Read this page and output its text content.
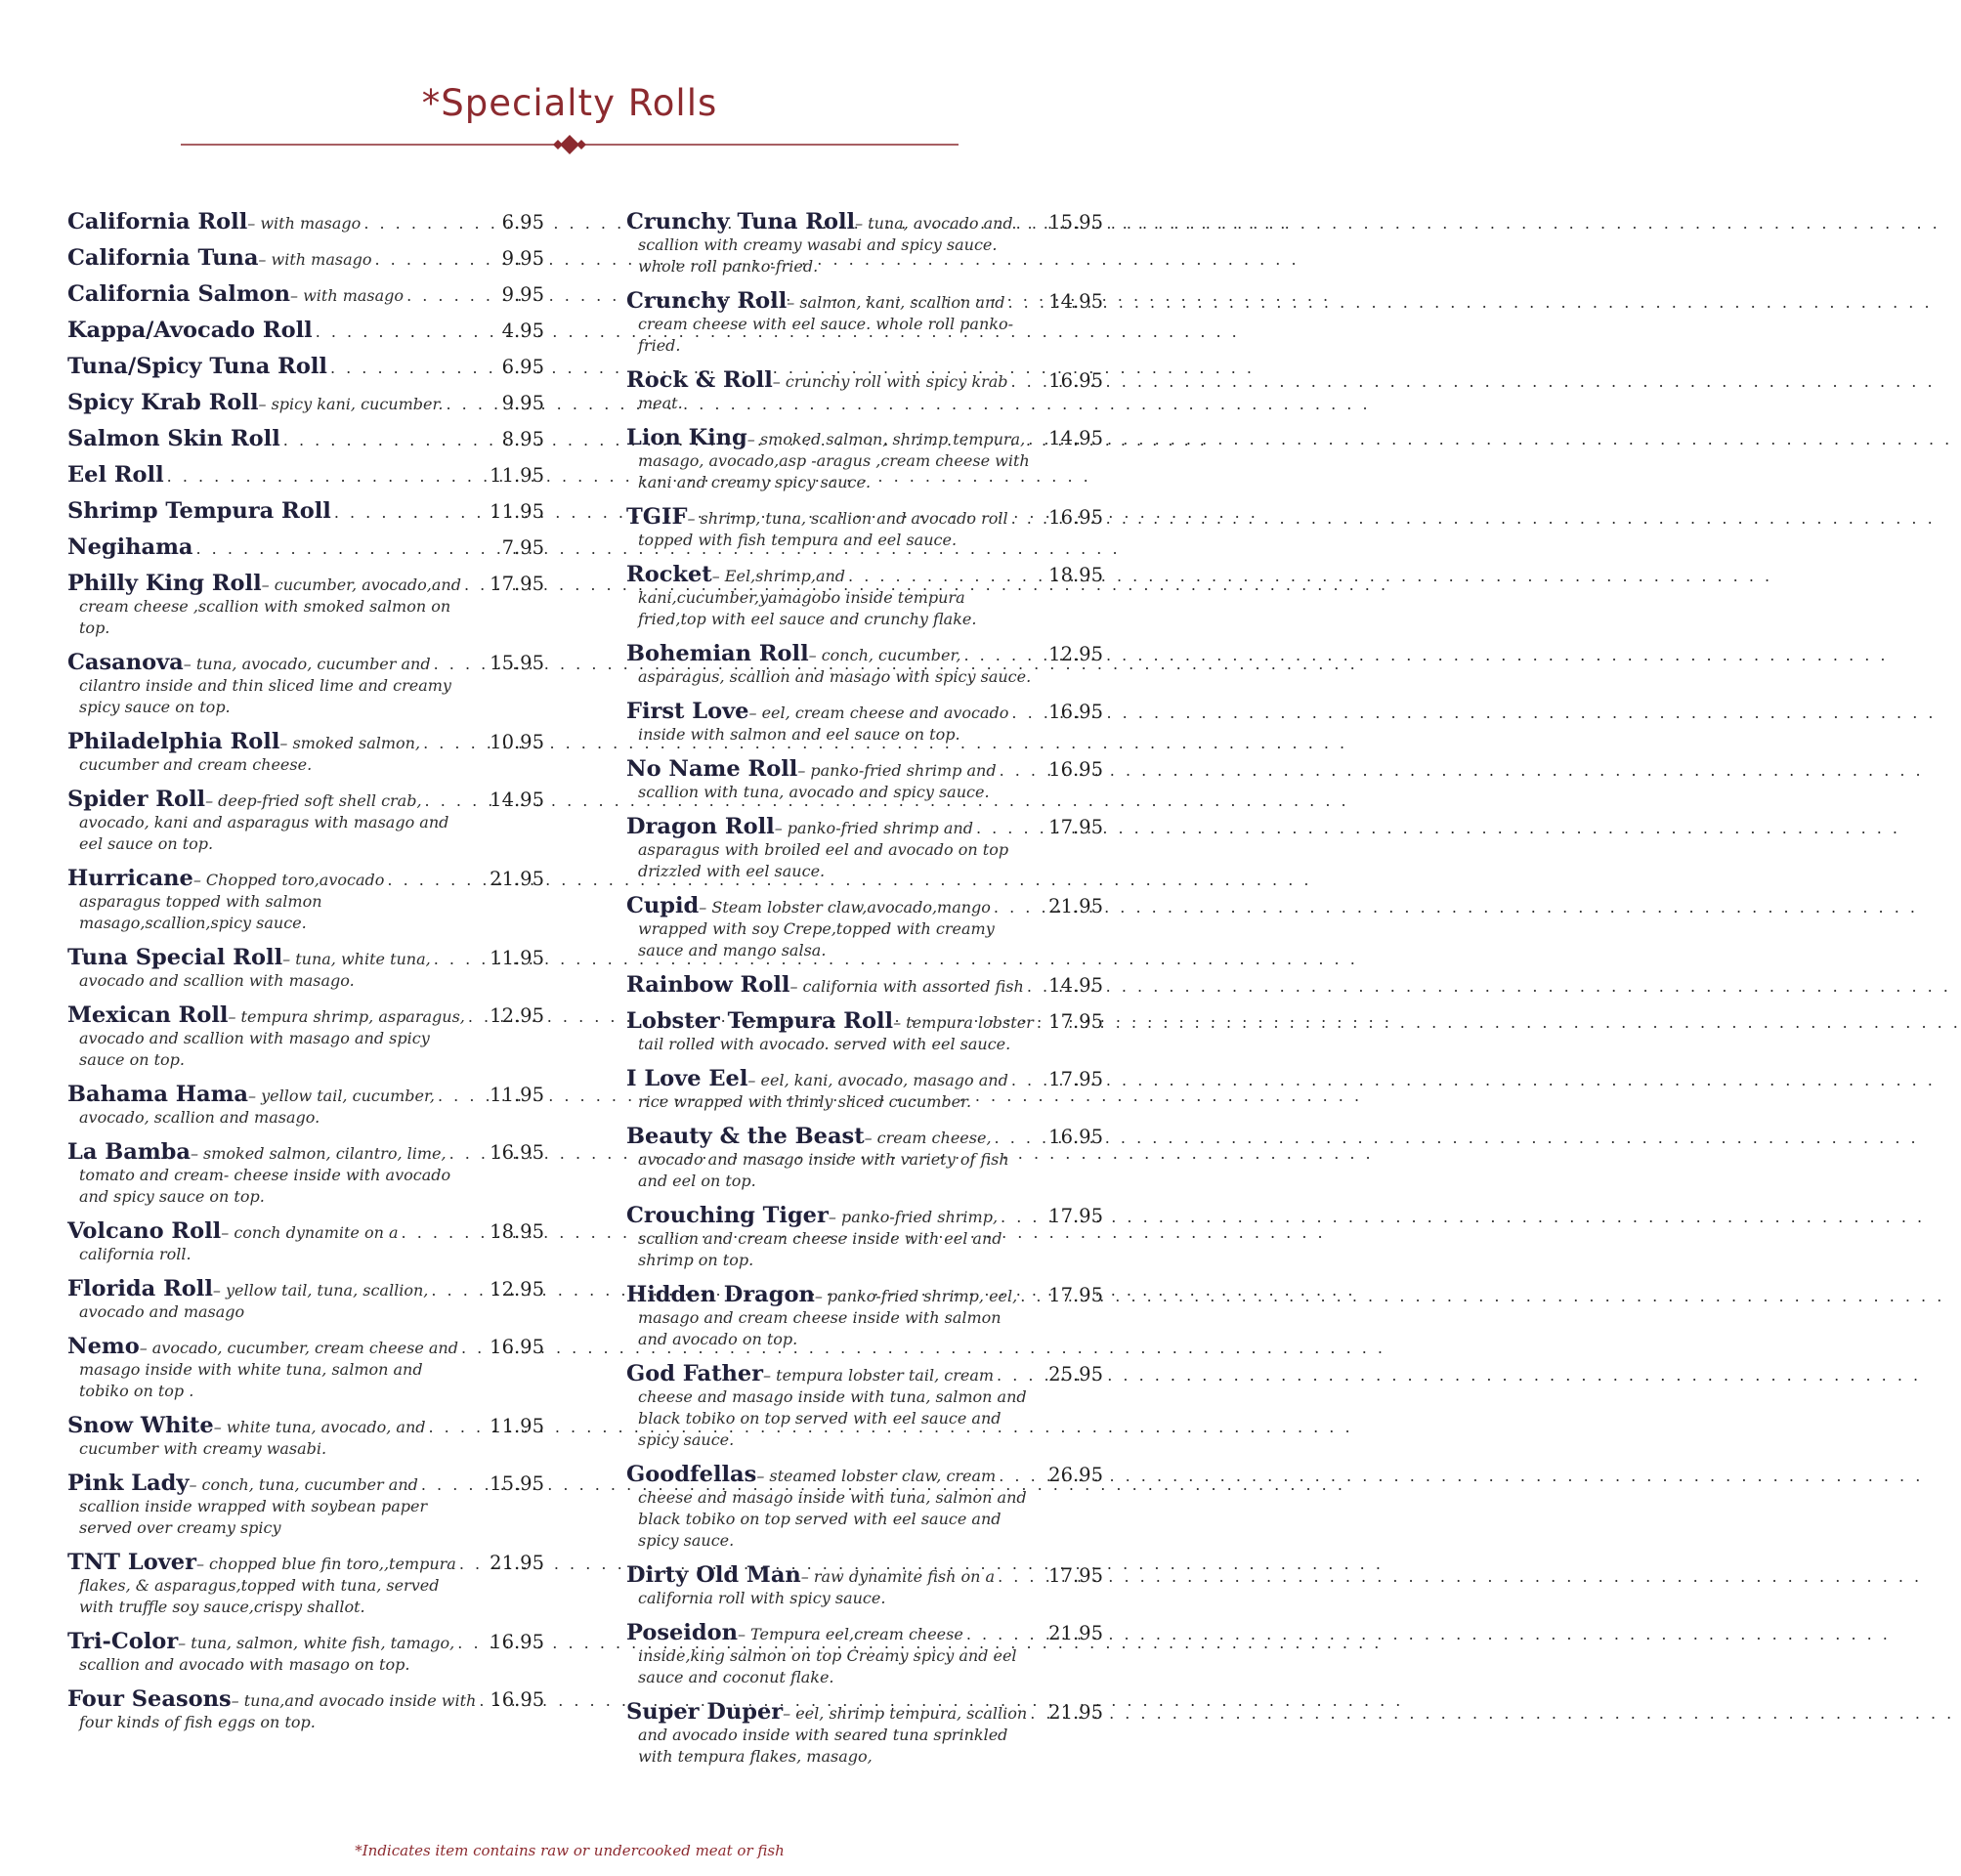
*Specialty Rolls
California Roll – with masago . . .	6.95
California Tuna – with masago . . .	9.95
California Salmon – with masago . . .	9.95
Kappa/Avocado Roll . . .	4.95
Tuna/Spicy Tuna Roll . . .	6.95
Spicy Krab Roll – spicy kani, cucumber. . . .	9.95
Salmon Skin Roll . . .	8.95
Eel Roll . . .	11.95
Shrimp Tempura Roll . . .	11.95
Negihama . . .	7.95
Philly King Roll – cucumber, avocado,and . . . 17.95
cream cheese ,scallion with smoked salmon on top.
Casanova – tuna, avocado, cucumber and . . .	15.95
cilantro inside and thin sliced lime and creamy spicy sauce on top.
Philadelphia Roll – smoked salmon, . . .	10.95
cucumber and cream cheese.
Spider Roll – deep-fried soft shell crab, . . .	14.95
avocado, kani and asparagus with masago and eel sauce on top.
Hurricane – Chopped toro,avocado . . .	21.95
asparagus topped with salmon masago,scallion,spicy sauce.
Tuna Special Roll – tuna, white tuna, . . .	11.95
avocado and scallion with masago.
Mexican Roll – tempura shrimp, asparagus, . . . 12.95
avocado and scallion with masago and spicy sauce on top.
Bahama Hama – yellow tail, cucumber, . . .	11.95
avocado, scallion and masago.
La Bamba – smoked salmon, cilantro, lime, . . . 16.95
tomato and cream- cheese inside with avocado and spicy sauce on top.
Volcano Roll – conch dynamite on a . . .	18.95
california roll.
Florida Roll – yellow tail, tuna, scallion, . . .	12.95
avocado and masago
Nemo – avocado, cucumber, cream cheese and . . . 16.95
masago inside with white tuna, salmon and tobiko on top .
Snow White – white tuna, avocado, and . . .	11.95
cucumber with creamy wasabi.
Pink Lady – conch, tuna, cucumber and . . .	15.95
scallion inside wrapped with soybean paper served over creamy spicy
TNT Lover – chopped blue fin toro,,tempura . . . 21.95
flakes, & asparagus,topped with tuna, served with truffle soy sauce,crispy shallot.
Tri-Color – tuna, salmon, white fish, tamago, . . . 16.95
scallion and avocado with masago on top.
Four Seasons – tuna,and avocado inside with . . . 16.95
four kinds of fish eggs on top.
Crunchy Tuna Roll – tuna, avocado and . . . 15.95
scallion with creamy wasabi and spicy sauce. whole roll panko-fried.
Crunchy Roll – salmon, kani, scallion and . . . 14.95
cream cheese with eel sauce. whole roll panko-fried.
Rock & Roll – crunchy roll with spicy krab . . . 16.95
meat.
Lion King – smoked salmon, shrimp tempura, . . . 14.95
masago, avocado,asp -aragus ,cream cheese with kani and creamy spicy sauce.
TGIF – shrimp, tuna, scallion and avocado roll . . . 16.95
topped with fish tempura and eel sauce.
Rocket – Eel,shrimp,and . . .	18.95
kani,cucumber,yamagobo inside tempura fried,top with eel sauce and crunchy flake.
Bohemian Roll – conch, cucumber, . . .	12.95
asparagus, scallion and masago with spicy sauce.
First Love – eel, cream cheese and avocado . . . 16.95
inside with salmon and eel sauce on top.
No Name Roll – panko-fried shrimp and . . .	16.95
scallion with tuna, avocado and spicy sauce.
Dragon Roll – panko-fried shrimp and . . .	17.95
asparagus with broiled eel and avocado on top drizzled with eel sauce.
Cupid – Steam lobster claw,avocado,mango . . .	21.95
wrapped with soy Crepe,topped with creamy sauce and mango salsa.
Rainbow Roll – california with assorted fish . . . 14.95
Lobster Tempura Roll – tempura lobster . . . 17.95
tail rolled with avocado. served with eel sauce.
I Love Eel – eel, kani, avocado, masago and . . . 17.95
rice wrapped with thinly sliced cucumber.
Beauty & the Beast – cream cheese, . . .	16.95
avocado and masago inside with variety of fish and eel on top.
Crouching Tiger – panko-fried shrimp, . . .	17.95
scallion and cream cheese inside with eel and shrimp on top.
Hidden Dragon – panko-fried shrimp, eel, . . . 17.95
masago and cream cheese inside with salmon and avocado on top.
God Father – tempura lobster tail, cream . . .	25.95
cheese and masago inside with tuna, salmon and black tobiko on top served with eel sauce and spicy sauce.
Goodfellas – steamed lobster claw, cream . . .	26.95
cheese and masago inside with tuna, salmon and black tobiko on top served with eel sauce and spicy sauce.
Dirty Old Man – raw dynamite fish on a . . .	17.95
california roll with spicy sauce.
Poseidon – Tempura eel,cream cheese . . .	21.95
inside,king salmon on top Creamy spicy and eel sauce and coconut flake.
Super Duper – eel, shrimp tempura, scallion . . . 21.95
and avocado inside with seared tuna sprinkled with tempura flakes, masago,
*Indicates item contains raw or undercooked meat or fish
